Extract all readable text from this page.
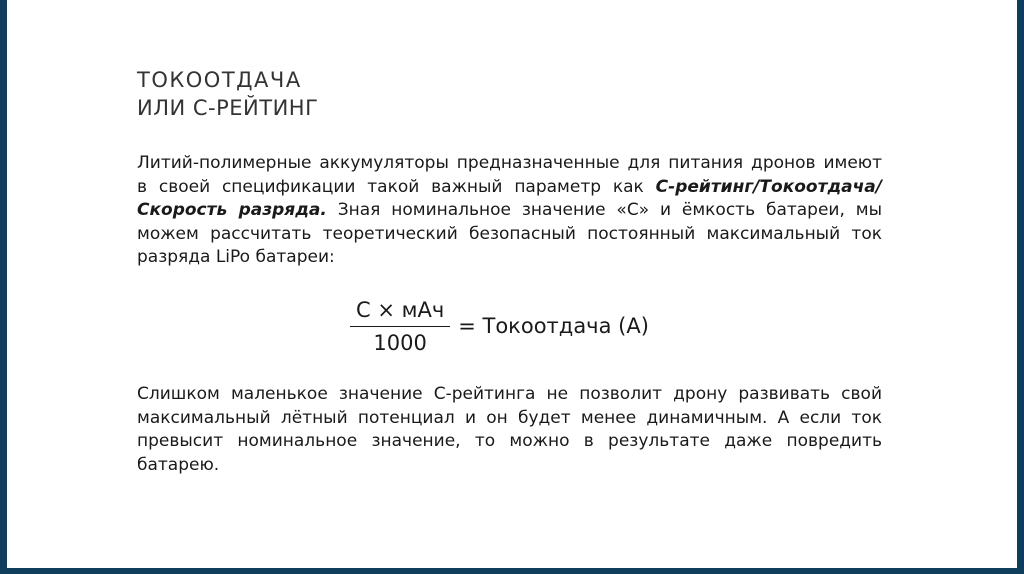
ТОКООТДАЧА
ИЛИ С-РЕЙТИНГ
Литий-полимерные аккумуляторы предназначенные для питания дронов имеют в своей спецификации такой важный параметр как С-рейтинг/Токоотдача/Скорость разряда. Зная номинальное значение «С» и ёмкость батареи, мы можем рассчитать теоретический безопасный постоянный максимальный ток разряда LiPo батареи:
$\frac{\text{C × мАч}}{1000}$ = Токоотдача (A)
Слишком маленькое значение С-рейтинга не позволит дрону развивать свой максимальный лётный потенциал и он будет менее динамичным. А если ток превысит номинальное значение, то можно в результате даже повредить батарею.
